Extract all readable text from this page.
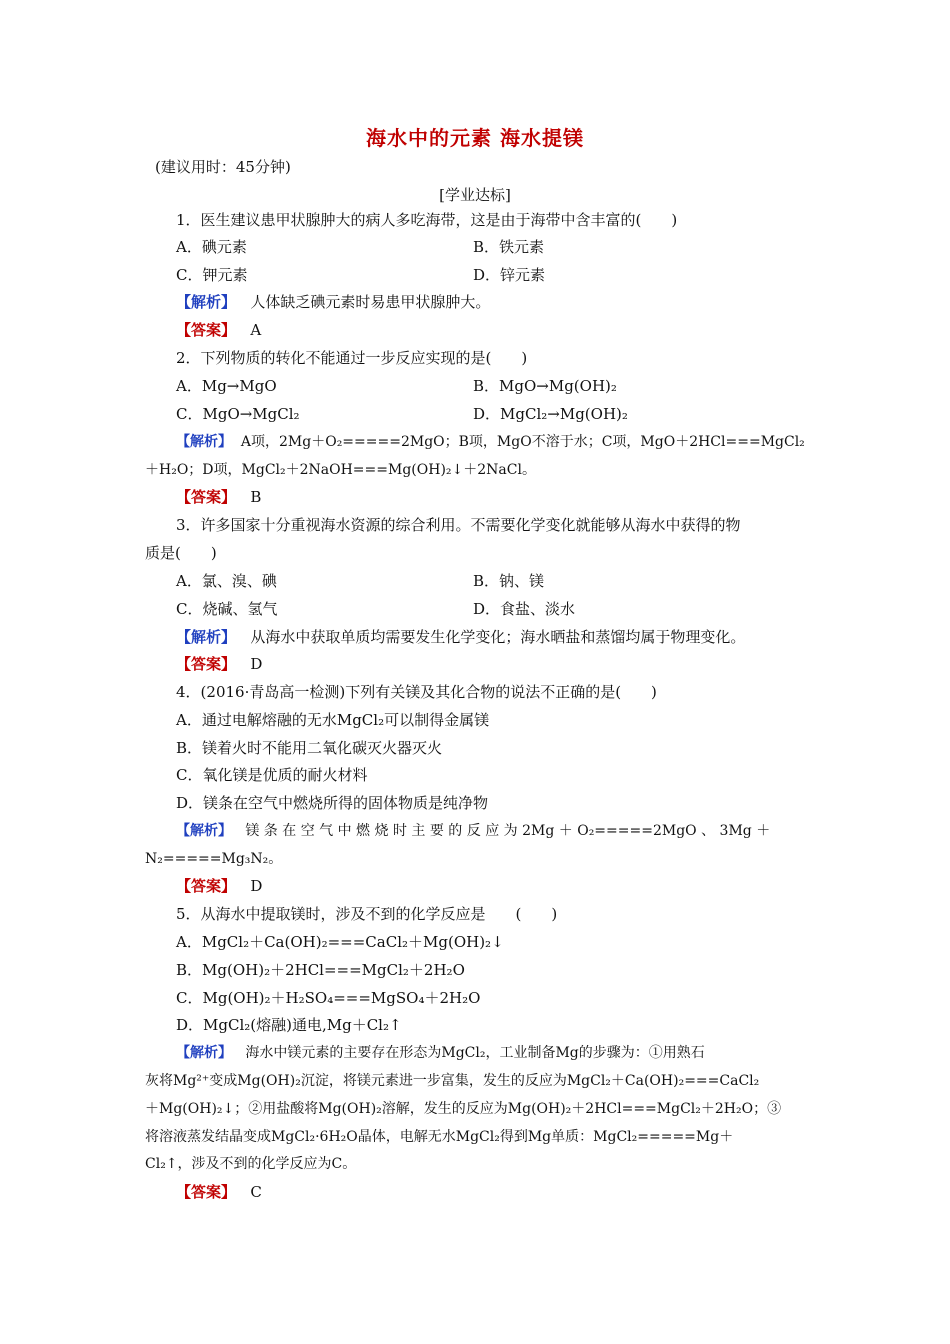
海水中的元素 海水提镁
(建议用时：45分钟)
[学业达标]
1．医生建议患甲状腺肿大的病人多吃海带，这是由于海带中含丰富的(　　)
A．碘元素	B．铁元素
C．钾元素	D．锌元素
【解析】 人体缺乏碘元素时易患甲状腺肿大。
【答案】 A
2．下列物质的转化不能通过一步反应实现的是(　　)
A．Mg→MgO	B．MgO→Mg(OH)₂
C．MgO→MgCl₂	D．MgCl₂→Mg(OH)₂
【解析】 A项，2Mg＋O₂=====2MgO；B项，MgO不溶于水；C项，MgO＋2HCl===MgCl₂
＋H₂O；D项，MgCl₂＋2NaOH===Mg(OH)₂↓＋2NaCl。
【答案】 B
3．许多国家十分重视海水资源的综合利用。不需要化学变化就能够从海水中获得的物
质是(　　)
A．氯、溴、碘	B．钠、镁
C．烧碱、氢气	D．食盐、淡水
【解析】 从海水中获取单质均需要发生化学变化；海水晒盐和蒸馏均属于物理变化。
【答案】 D
4．(2016·青岛高一检测)下列有关镁及其化合物的说法不正确的是(　　)
A．通过电解熔融的无水MgCl₂可以制得金属镁
B．镁着火时不能用二氧化碳灭火器灭火
C．氧化镁是优质的耐火材料
D．镁条在空气中燃烧所得的固体物质是纯净物
【解析】 镁 条 在 空 气 中 燃 烧 时 主 要 的 反 应 为 2Mg ＋ O₂=====2MgO 、 3Mg ＋
N₂=====Mg₃N₂。
【答案】 D
5．从海水中提取镁时，涉及不到的化学反应是　　(　　)
A．MgCl₂＋Ca(OH)₂===CaCl₂＋Mg(OH)₂↓
B．Mg(OH)₂＋2HCl===MgCl₂＋2H₂O
C．Mg(OH)₂＋H₂SO₄===MgSO₄＋2H₂O
D．MgCl₂(熔融)通电,Mg＋Cl₂↑
【解析】 海水中镁元素的主要存在形态为MgCl₂，工业制备Mg的步骤为：①用熟石
灰将Mg²⁺变成Mg(OH)₂沉淀，将镁元素进一步富集，发生的反应为MgCl₂＋Ca(OH)₂===CaCl₂
＋Mg(OH)₂↓；②用盐酸将Mg(OH)₂溶解，发生的反应为Mg(OH)₂＋2HCl===MgCl₂＋2H₂O；③
将溶液蒸发结晶变成MgCl₂·6H₂O晶体，电解无水MgCl₂得到Mg单质：MgCl₂=====Mg＋
Cl₂↑，涉及不到的化学反应为C。
【答案】 C
